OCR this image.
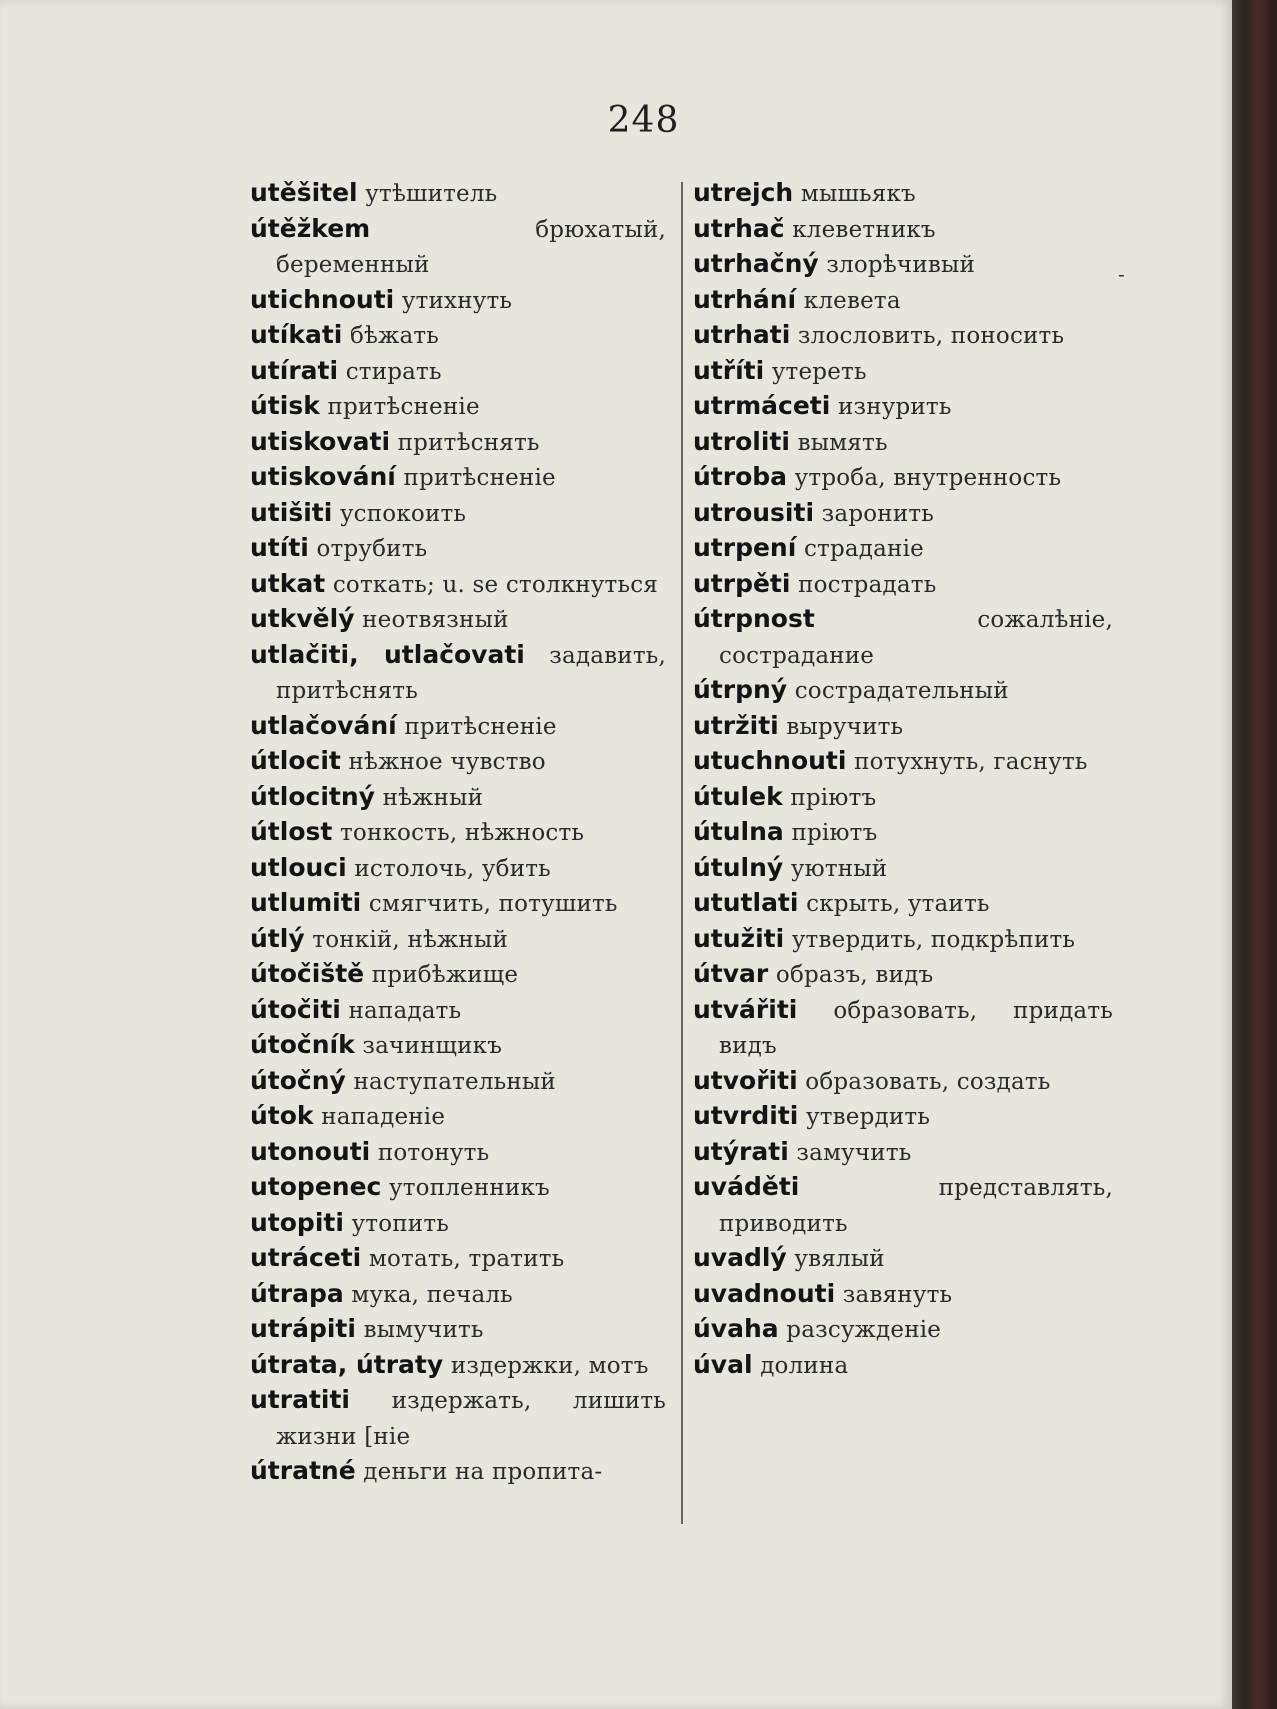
248
utěšitel утѣшитель
útěžkem	брюхатый, беременный
utichnouti утихнуть
utíkati бѣжать
utírati стирать
útisk притѣсненіе
utiskovati притѣснять
utiskování притѣсненіе
utišiti успокоить
utíti отрубить
utkat соткать; u. se столкнуться
utkvělý неотвязный
utlačiti, utlačovati задавить, притѣснять
utlačování притѣсненіе
útlocit нѣжное чувство
útlocitný нѣжный
útlost тонкость, нѣжность
utlouci истолочь, убить
utlumiti смягчить, потушить
útlý тонкій, нѣжный
útočiště прибѣжище
útočiti нападать
útočník зачинщикъ
útočný наступательный
útok нападеніе
utonouti потонуть
utopenec утопленникъ
utopiti утопить
utráceti мотать, тратить
útrapa мука, печаль
utrápiti вымучить
útrata, útraty издержки, мотъ
utratiti издержать, лишить жизни [ніе
útratné деньги на пропита-
utrejch мышьякъ
utrhač клеветникъ
utrhačný злорѣчивый
utrhání клевета
utrhati злословить, поносить
utříti утереть
utrmáceti изнурить
utroliti вымять
útroba утроба, внутренность
utrousiti заронить
utrpení страданіе
utrpěti пострадать
útrpnost	сожалѣніе, сострадание
útrpný сострадательный
utržiti выручить
utuchnouti потухнуть, гаснуть
útulek пріютъ
útulna пріютъ
útulný уютный
ututlati скрыть, утаить
utužiti утвердить, подкрѣпить
útvar образъ, видъ
utvářiti образовать, придать видъ
utvořiti образовать, создать
utvrditi утвердить
utýrati замучить
uváděti	представлять, приводить
uvadlý увялый
uvadnouti завянуть
úvaha разсужденіе
úval долина
-
